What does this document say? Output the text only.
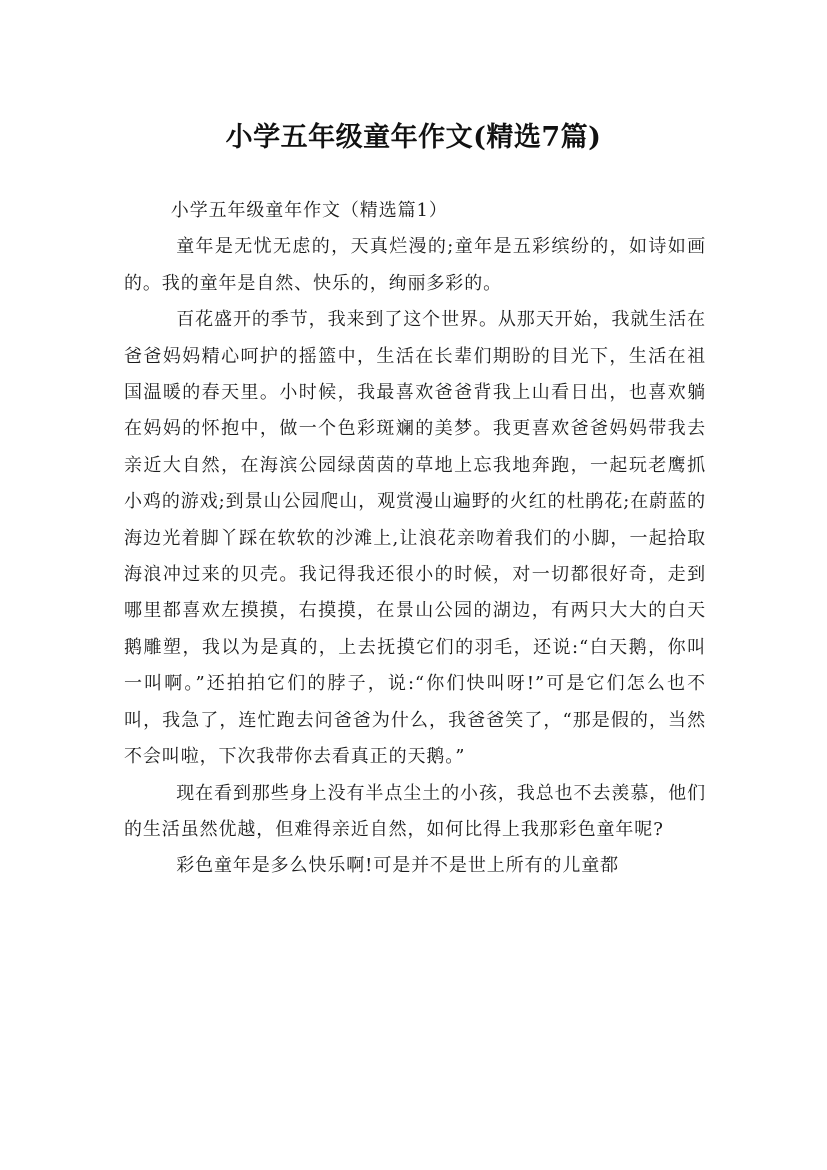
小学五年级童年作文(精选7篇)

小学五年级童年作文（精选篇1）

童年是无忧无虑的，天真烂漫的;童年是五彩缤纷的，如诗如画的。我的童年是自然、快乐的，绚丽多彩的。

百花盛开的季节，我来到了这个世界。从那天开始，我就生活在爸爸妈妈精心呵护的摇篮中，生活在长辈们期盼的目光下，生活在祖国温暖的春天里。小时候，我最喜欢爸爸背我上山看日出，也喜欢躺在妈妈的怀抱中，做一个色彩斑斓的美梦。我更喜欢爸爸妈妈带我去亲近大自然，在海滨公园绿茵茵的草地上忘我地奔跑，一起玩老鹰抓小鸡的游戏;到景山公园爬山，观赏漫山遍野的火红的杜鹃花;在蔚蓝的海边光着脚丫踩在软软的沙滩上,让浪花亲吻着我们的小脚，一起拾取海浪冲过来的贝壳。我记得我还很小的时候，对一切都很好奇，走到哪里都喜欢左摸摸，右摸摸，在景山公园的湖边，有两只大大的白天鹅雕塑，我以为是真的，上去抚摸它们的羽毛，还说:“白天鹅，你叫一叫啊。”还拍拍它们的脖子，说:“你们快叫呀!”可是它们怎么也不叫，我急了，连忙跑去问爸爸为什么，我爸爸笑了，“那是假的，当然不会叫啦，下次我带你去看真正的天鹅。”

现在看到那些身上没有半点尘土的小孩，我总也不去羡慕，他们的生活虽然优越，但难得亲近自然，如何比得上我那彩色童年呢?

彩色童年是多么快乐啊!可是并不是世上所有的儿童都
